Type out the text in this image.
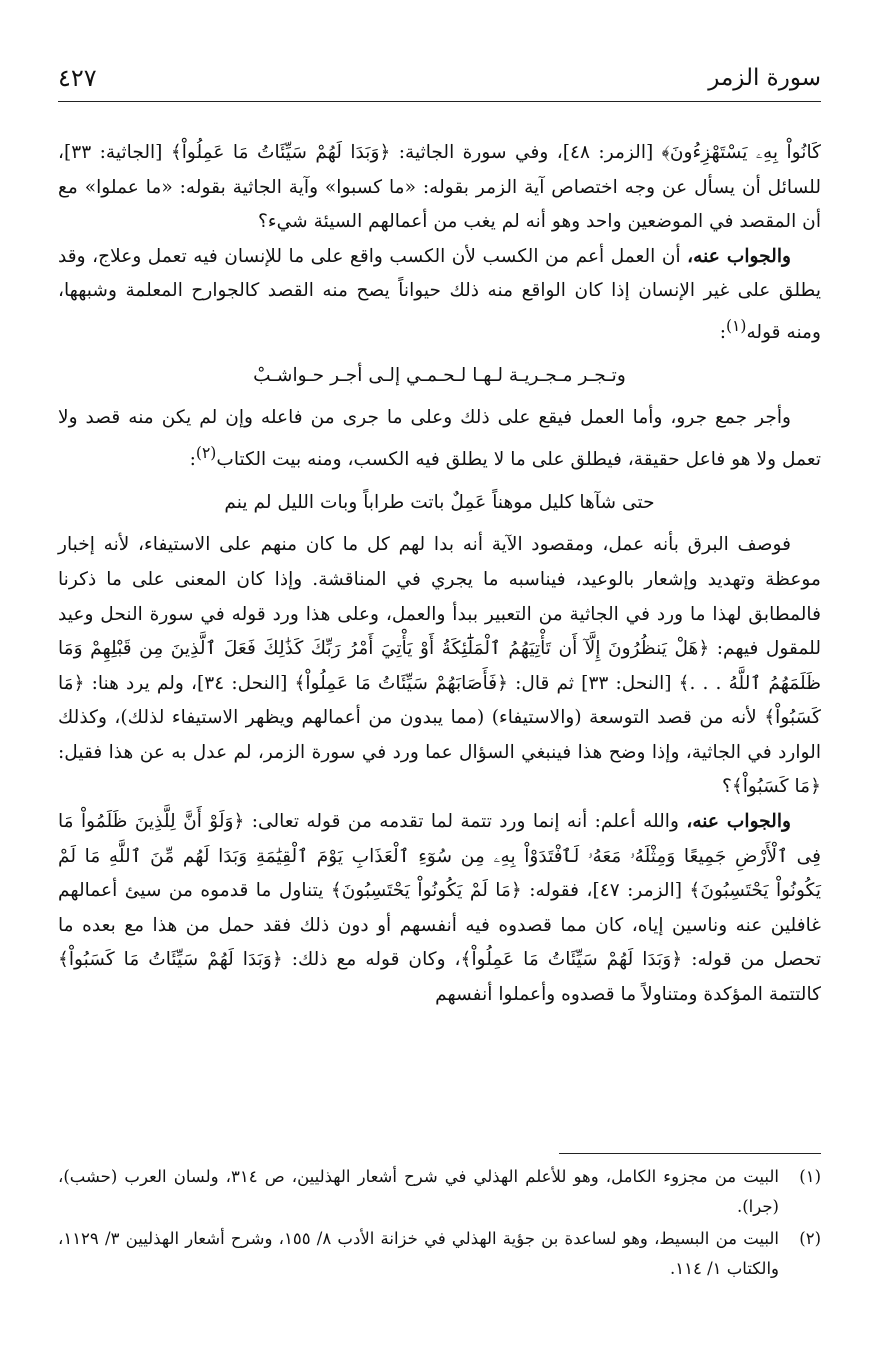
سورة الزمر
٤٢٧

كَانُواْ بِهِۦ يَسْتَهْزِءُونَ﴾ [الزمر: ٤٨]، وفي سورة الجاثية: ﴿وَبَدَا لَهُمْ سَيِّئَاتُ مَا عَمِلُواْ﴾ [الجاثية: ٣٣]، للسائل أن يسأل عن وجه اختصاص آية الزمر بقوله: «ما كسبوا» وآية الجاثية بقوله: «ما عملوا» مع أن المقصد في الموضعين واحد وهو أنه لم يغب من أعمالهم السيئة شيء؟

والجواب عنه، أن العمل أعم من الكسب لأن الكسب واقع على ما للإنسان فيه تعمل وعلاج، وقد يطلق على غير الإنسان إذا كان الواقع منه ذلك حيواناً يصح منه القصد كالجوارح المعلمة وشبهها، ومنه قوله$^{(١)}$:

وتـجـر مـجـريـة لـهـا لـحـمـي إلـى أجـر حـواشـبْ

وأجر جمع جرو، وأما العمل فيقع على ذلك وعلى ما جرى من فاعله وإن لم يكن منه قصد ولا تعمل ولا هو فاعل حقيقة، فيطلق على ما لا يطلق فيه الكسب، ومنه بيت الكتاب$^{(٢)}$:

حتى شآها كليل موهناً عَمِلٌ باتت طراباً وبات الليل لم ينم

فوصف البرق بأنه عمل، ومقصود الآية أنه بدا لهم كل ما كان منهم على الاستيفاء، لأنه إخبار موعظة وتهديد وإشعار بالوعيد، فيناسبه ما يجري في المناقشة. وإذا كان المعنى على ما ذكرنا فالمطابق لهذا ما ورد في الجاثية من التعبير ببدأ والعمل، وعلى هذا ورد قوله في سورة النحل وعيد للمقول فيهم: ﴿هَلْ يَنظُرُونَ إِلَّآ أَن تَأْتِيَهُمُ ٱلْمَلَٰٓئِكَةُ أَوْ يَأْتِيَ أَمْرُ رَبِّكَ كَذَٰلِكَ فَعَلَ ٱلَّذِينَ مِن قَبْلِهِمْ وَمَا ظَلَمَهُمُ ٱللَّهُ . . .﴾ [النحل: ٣٣] ثم قال: ﴿فَأَصَابَهُمْ سَيِّئَاتُ مَا عَمِلُواْ﴾ [النحل: ٣٤]، ولم يرد هنا: ﴿مَا كَسَبُواْ﴾ لأنه من قصد التوسعة (والاستيفاء) (مما يبدون من أعمالهم ويظهر الاستيفاء لذلك)، وكذلك الوارد في الجاثية، وإذا وضح هذا فينبغي السؤال عما ورد في سورة الزمر، لم عدل به عن هذا فقيل: ﴿مَا كَسَبُواْ﴾؟

والجواب عنه، والله أعلم: أنه إنما ورد تتمة لما تقدمه من قوله تعالى: ﴿وَلَوْ أَنَّ لِلَّذِينَ ظَلَمُواْ مَا فِى ٱلْأَرْضِ جَمِيعًا وَمِثْلَهُۥ مَعَهُۥ لَٱفْتَدَوْاْ بِهِۦ مِن سُوٓءِ ٱلْعَذَابِ يَوْمَ ٱلْقِيَٰمَةِ وَبَدَا لَهُم مِّنَ ٱللَّهِ مَا لَمْ يَكُونُواْ يَحْتَسِبُونَ﴾ [الزمر: ٤٧]، فقوله: ﴿مَا لَمْ يَكُونُواْ يَحْتَسِبُونَ﴾ يتناول ما قدموه من سيئ أعمالهم غافلين عنه وناسين إياه، كان مما قصدوه فيه أنفسهم أو دون ذلك فقد حمل من هذا مع بعده ما تحصل من قوله: ﴿وَبَدَا لَهُمْ سَيِّئَاتُ مَا عَمِلُواْ﴾، وكان قوله مع ذلك: ﴿وَبَدَا لَهُمْ سَيِّئَاتُ مَا كَسَبُواْ﴾ كالتتمة المؤكدة ومتناولاً ما قصدوه وأعملوا أنفسهم

(١)
البيت من مجزوء الكامل، وهو للأعلم الهذلي في شرح أشعار الهذليين، ص ٣١٤، ولسان العرب (حشب)، (جرا).
(٢)
البيت من البسيط، وهو لساعدة بن جؤية الهذلي في خزانة الأدب ٨/ ١٥٥، وشرح أشعار الهذليين ٣/ ١١٢٩، والكتاب ١/ ١١٤.
